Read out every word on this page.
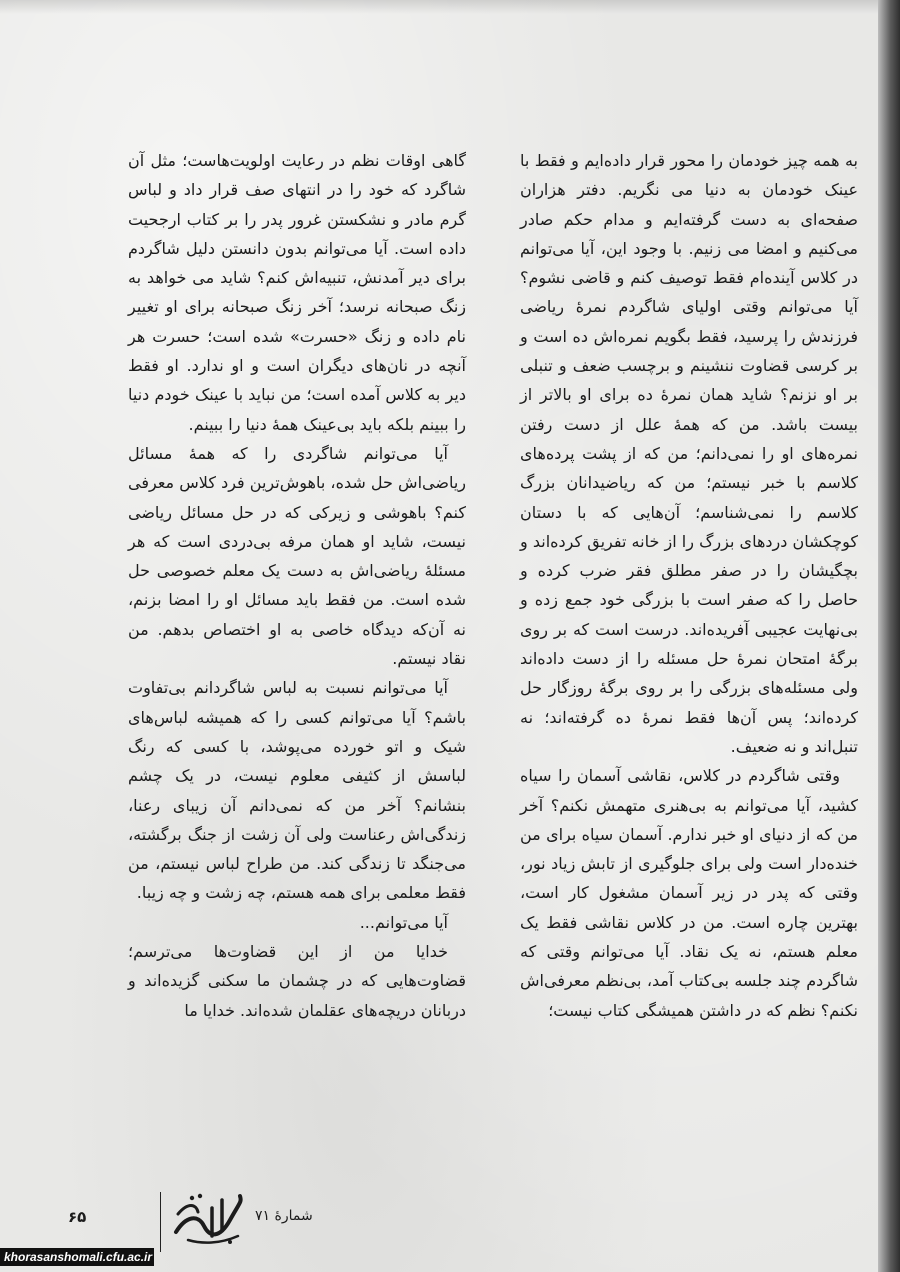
به همه چیز خودمان را محور قرار داده‌ایم و فقط با عینک خودمان به دنیا می نگریم. دفتر هزاران صفحه‌ای به دست گرفته‌ایم و مدام حکم صادر می‌کنیم و امضا می زنیم. با وجود این، آیا می‌توانم در کلاس آینده‌ام فقط توصیف کنم و قاضی نشوم؟ آیا می‌توانم وقتی اولیای شاگردم نمرهٔ ریاضی فرزندش را پرسید، فقط بگویم نمره‌اش ده است و بر کرسی قضاوت ننشینم و برچسب ضعف و تنبلی بر او نزنم؟ شاید همان نمرهٔ ده برای او بالاتر از بیست باشد. من که همهٔ علل از دست رفتن نمره‌های او را نمی‌دانم؛ من که از پشت پرده‌های کلاسم با خبر نیستم؛ من که ریاضیدانان بزرگ کلاسم را نمی‌شناسم؛ آن‌هایی که با دستان کوچکشان دردهای بزرگ را از خانه تفریق کرده‌اند و بچگیشان را در صفر مطلق فقر ضرب کرده و حاصل را که صفر است با بزرگی خود جمع زده و بی‌نهایت عجیبی آفریده‌اند. درست است که بر روی برگهٔ امتحان نمرهٔ حل مسئله را از دست داده‌اند ولی مسئله‌های بزرگی را بر روی برگهٔ روزگار حل کرده‌اند؛ پس آن‌ها فقط نمرهٔ ده گرفته‌اند؛ نه تنبل‌اند و نه ضعیف.

وقتی شاگردم در کلاس، نقاشی آسمان را سیاه کشید، آیا می‌توانم به بی‌هنری متهمش نکنم؟ آخر من که از دنیای او خبر ندارم. آسمان سیاه برای من خنده‌دار است ولی برای جلوگیری از تابش زیاد نور، وقتی که پدر در زیر آسمان مشغول کار است، بهترین چاره است. من در کلاس نقاشی فقط یک معلم هستم، نه یک نقاد. آیا می‌توانم وقتی که شاگردم چند جلسه بی‌کتاب آمد، بی‌نظم معرفی‌اش نکنم؟ نظم که در داشتن همیشگی کتاب نیست؛

گاهی اوقات نظم در رعایت اولویت‌هاست؛ مثل آن شاگرد که خود را در انتهای صف قرار داد و لباس گرم مادر و نشکستن غرور پدر را بر کتاب ارجحیت داده است. آیا می‌توانم بدون دانستن دلیل شاگردم برای دیر آمدنش، تنبیه‌اش کنم؟ شاید می خواهد به زنگ صبحانه نرسد؛ آخر زنگ صبحانه برای او تغییر نام داده و زنگ «حسرت» شده است؛ حسرت هر آنچه در نان‌های دیگران است و او ندارد. او فقط دیر به کلاس آمده است؛ من نباید با عینک خودم دنیا را ببینم بلکه باید بی‌عینک همهٔ دنیا را ببینم.

آیا می‌توانم شاگردی را که همهٔ مسائل ریاضی‌اش حل شده، باهوش‌ترین فرد کلاس معرفی کنم؟ باهوشی و زیرکی که در حل مسائل ریاضی نیست، شاید او همان مرفه بی‌دردی است که هر مسئلهٔ ریاضی‌اش به دست یک معلم خصوصی حل شده است. من فقط باید مسائل او را امضا بزنم، نه آن‌که دیدگاه خاصی به او اختصاص بدهم. من نقاد نیستم.

آیا می‌توانم نسبت به لباس شاگردانم بی‌تفاوت باشم؟ آیا می‌توانم کسی را که همیشه لباس‌های شیک و اتو خورده می‌پوشد، با کسی که رنگ لباسش از کثیفی معلوم نیست، در یک چشم بنشانم؟ آخر من که نمی‌دانم آن زیبای رعنا، زندگی‌اش رعناست ولی آن زشت از جنگ برگشته، می‌جنگد تا زندگی کند. من طراح لباس نیستم، من فقط معلمی برای همه هستم، چه زشت و چه زیبا.

آیا می‌توانم...

خدایا من از این قضاوت‌ها می‌ترسم؛ قضاوت‌هایی که در چشمان ما سکنی گزیده‌اند و دربانان دریچه‌های عقلمان شده‌اند. خدایا ما

۶۵	شمارهٔ ۷۱
khorasanshomali.cfu.ac.ir
